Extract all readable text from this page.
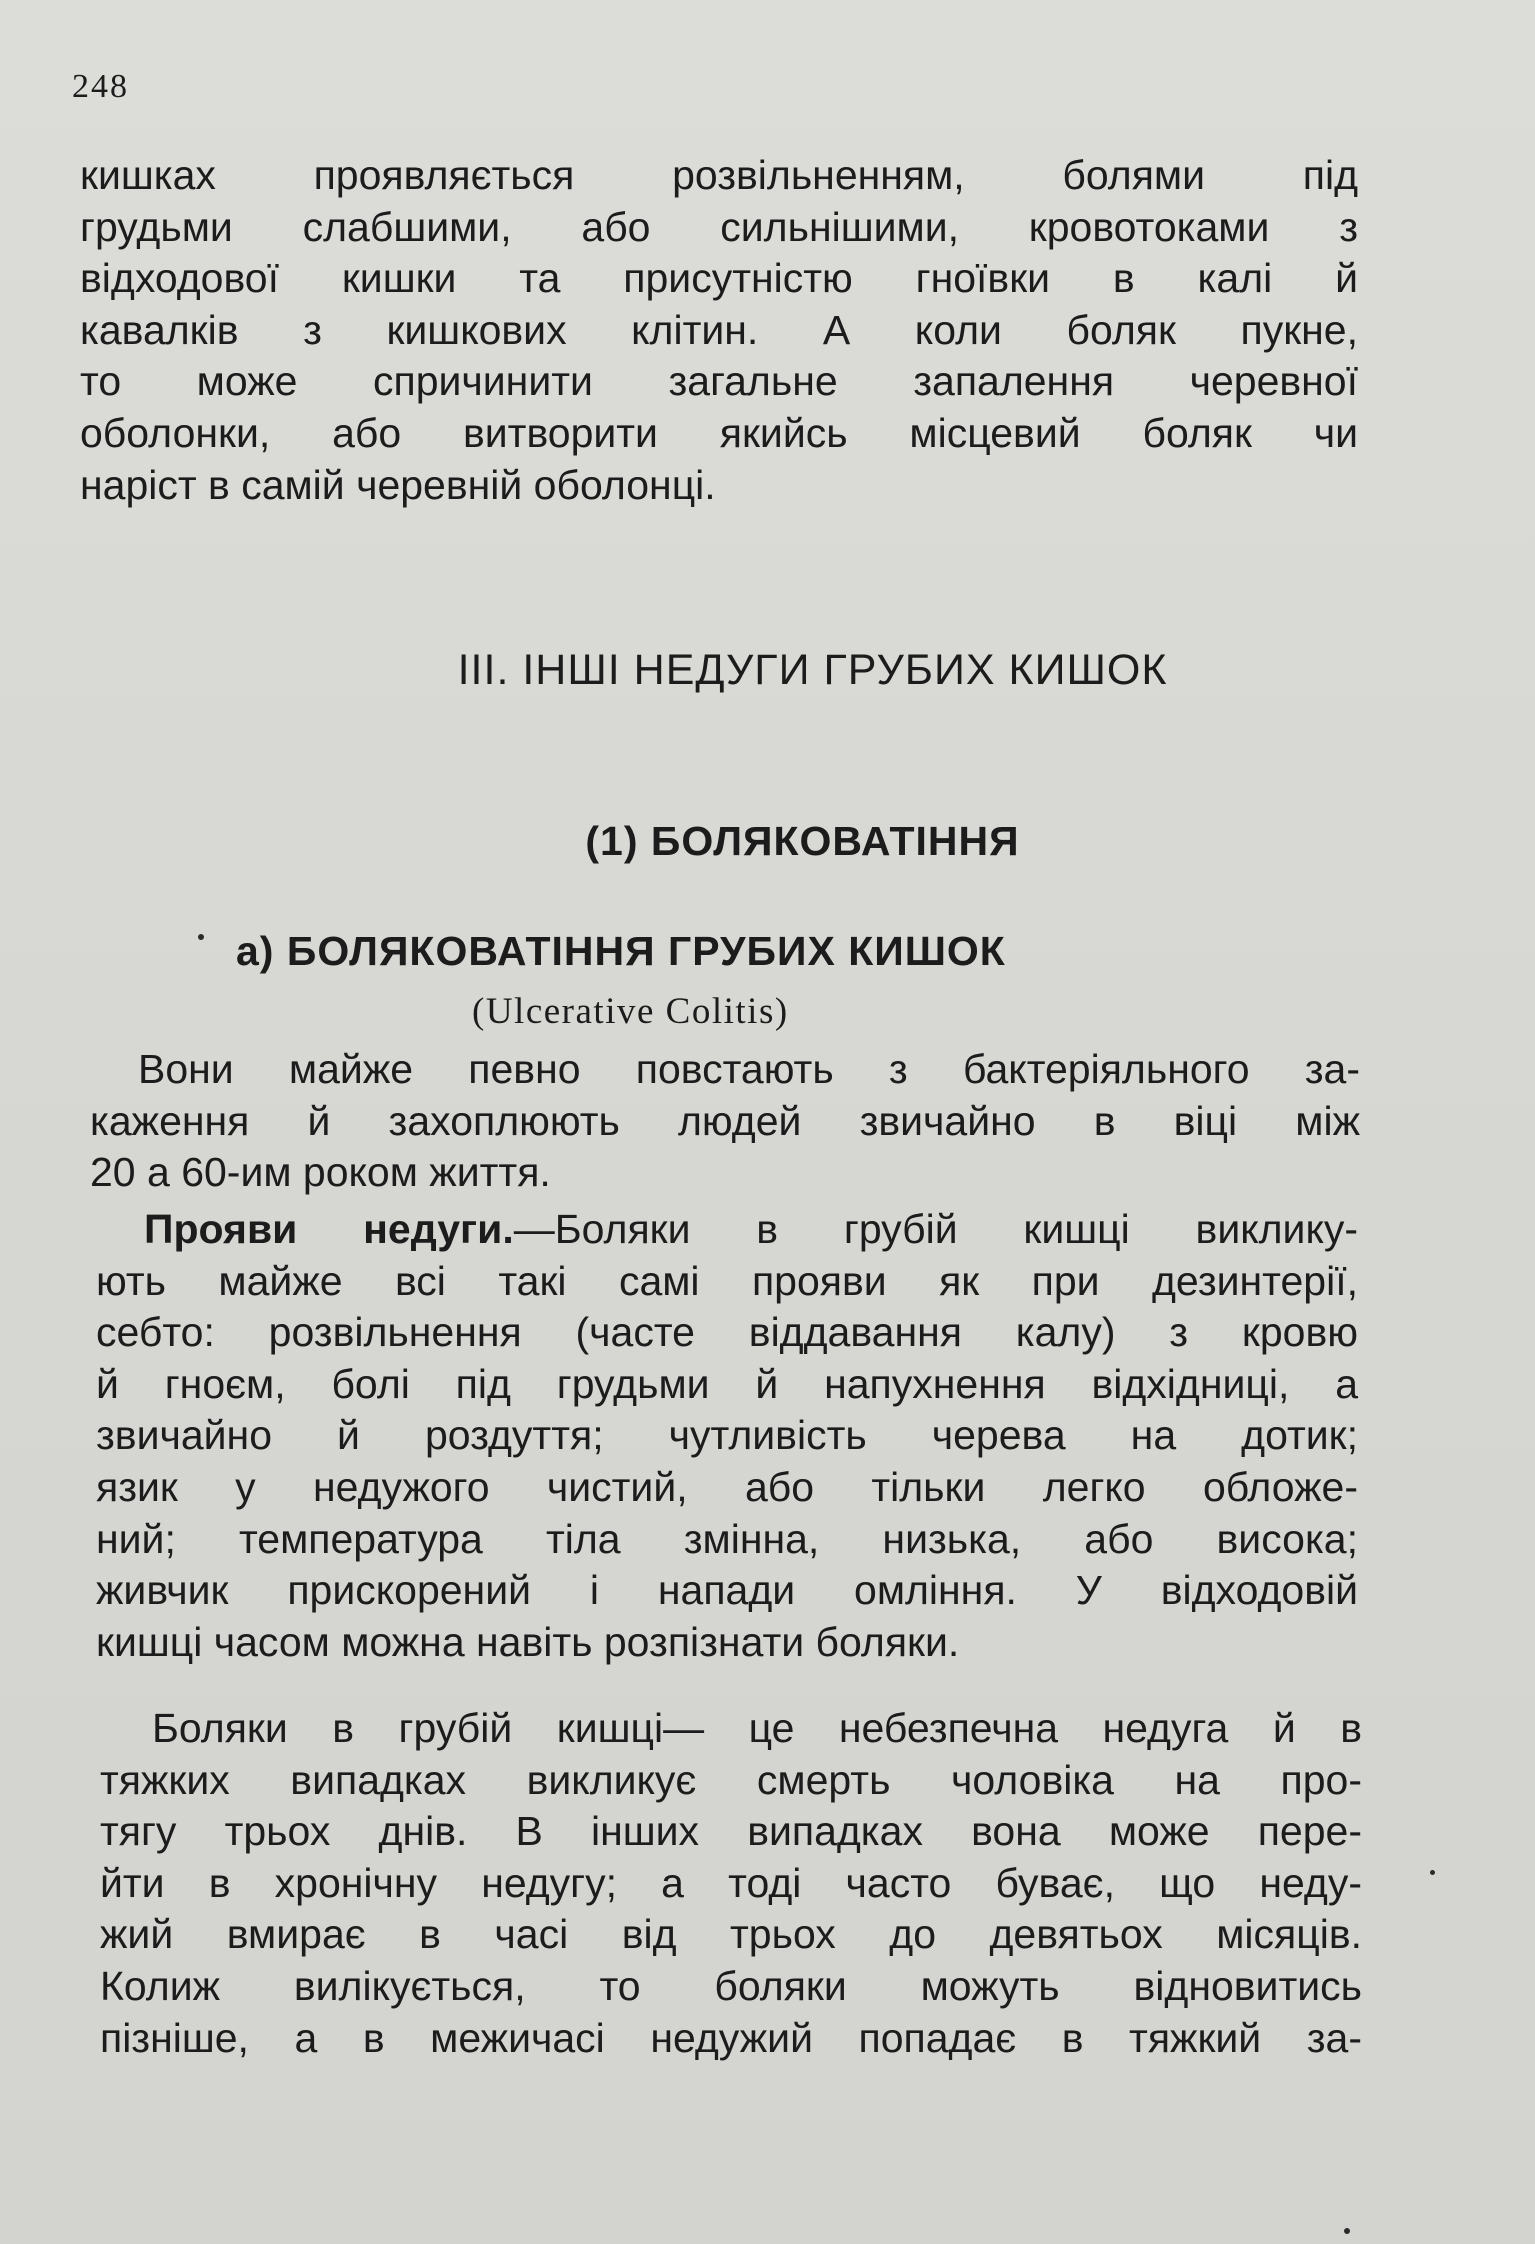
248
кишках проявляється розвільненням, болями під
грудьми слабшими, або сильнішими, кровотоками з
відходової кишки та присутністю гноївки в калі й
кавалків з кишкових клітин. А коли боляк пукне,
то може спричинити загальне запалення черевної
оболонки, або витворити якийсь місцевий боляк чи
наріст в самій черевній оболонці.
III. ІНШІ НЕДУГИ ГРУБИХ КИШОК
(1) БОЛЯКОВАТІННЯ
а) БОЛЯКОВАТІННЯ ГРУБИХ КИШОК
(Ulcerative Colitis)
Вони майже певно повстають з бактеріяльного за-
каження й захоплюють людей звичайно в віці між
20 а 60-им роком життя.
Прояви недуги.—Боляки в грубій кишці виклику-
ють майже всі такі самі прояви як при дезинтерії,
себто: розвільнення (часте віддавання калу) з кровю
й гноєм, болі під грудьми й напухнення відхідниці, а
звичайно й роздуття; чутливість черева на дотик;
язик у недужого чистий, або тільки легко обложе-
ний; температура тіла змінна, низька, або висока;
живчик прискорений і напади омління. У відходовій
кишці часом можна навіть розпізнати боляки.
Боляки в грубій кишці— це небезпечна недуга й в
тяжких випадках викликує смерть чоловіка на про-
тягу трьох днів. В інших випадках вона може пере-
йти в хронічну недугу; а тоді часто буває, що неду-
жий вмирає в часі від трьох до девятьох місяців.
Колиж вилікується, то боляки можуть відновитись
пізніше, а в межичасі недужий попадає в тяжкий за-
